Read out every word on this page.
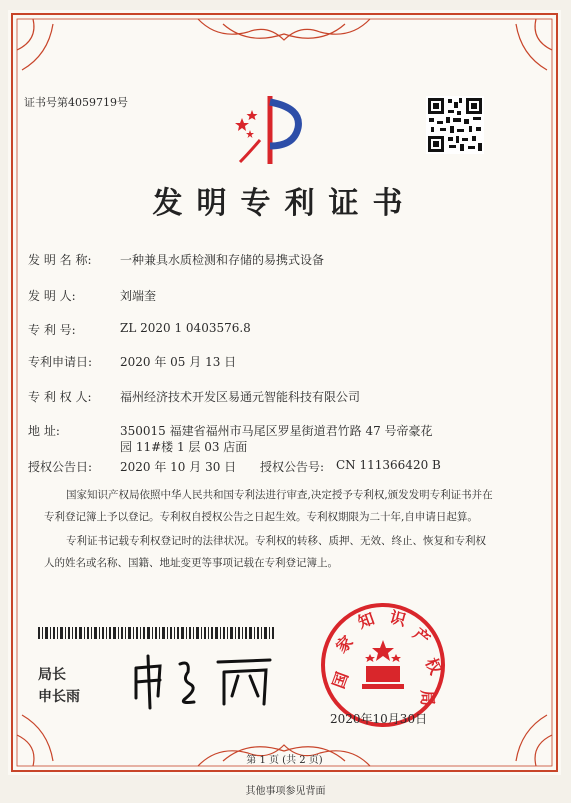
证书号第4059719号
发明专利证书
发 明 名 称: 一种兼具水质检测和存储的易携式设备
发 明 人:	刘端奎
专 利 号:	ZL 2020 1 0403576.8
专利申请日: 2020 年 05 月 13 日
专 利 权 人: 福州经济技术开发区易通元智能科技有限公司
地 址:	350015 福建省福州市马尾区罗星街道君竹路 47 号帝豪花
园 11#楼 1 层 03 店面
授权公告日: 2020 年 10 月 30 日 授权公告号: CN 111366420 B
国家知识产权局依照中华人民共和国专利法进行审查,决定授予专利权,颁发发明专利证书并在专利登记簿上予以登记。专利权自授权公告之日起生效。专利权期限为二十年,自申请日起算。
专利证书记载专利权登记时的法律状况。专利权的转移、质押、无效、终止、恢复和专利权人的姓名或名称、国籍、地址变更等事项记载在专利登记簿上。
局长
申长雨
国
家
知 识
产
权
局
2020年10月30日
第 1 页 (共 2 页)
其他事项参见背面
